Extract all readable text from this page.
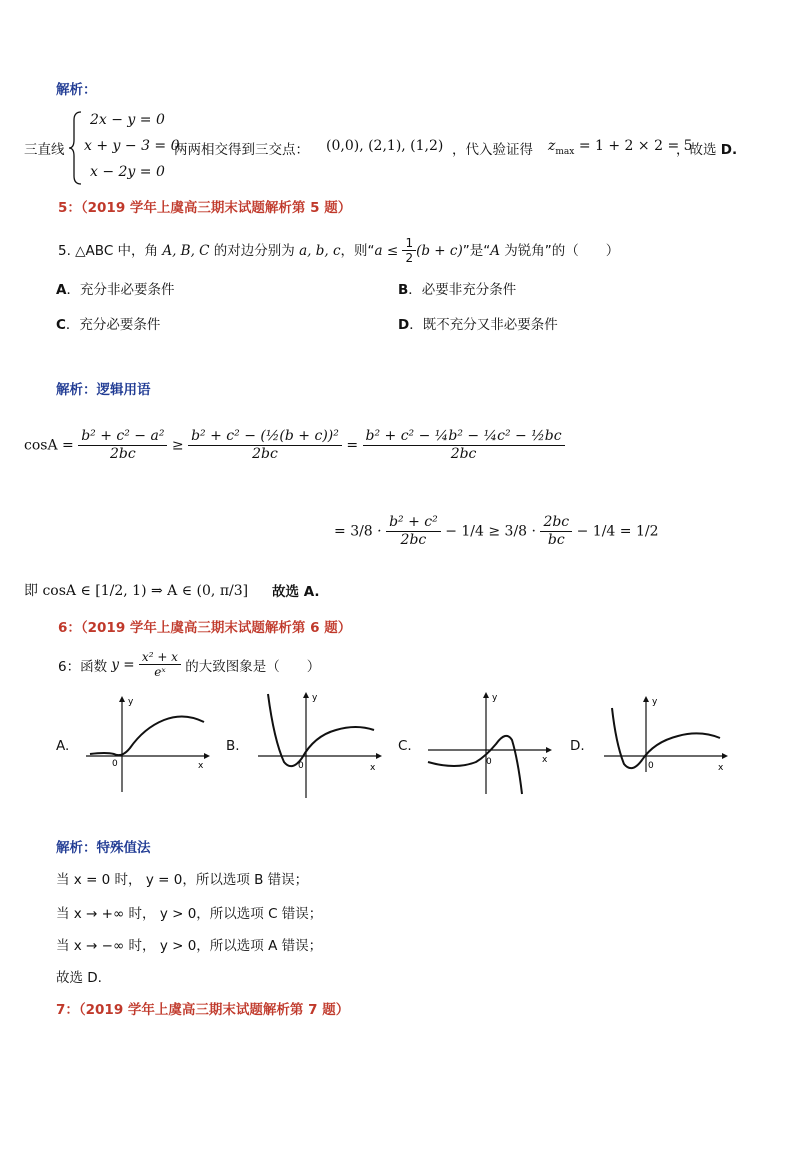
解析：
三直线
2x − y = 0
x + y − 3 = 0
x − 2y = 0
两两相交得到三交点： (0,0), (2,1), (1,2) ，代入验证得 $z_{max} = 1 + 2 \times 2 = 5$
，故选 D.
5：（2019 学年上虞高三期末试题解析第 5 题）
5. △ABC 中，角 A, B, C 的对边分别为 a, b, c，则“$a \le \frac{1}{2} (b + c)$”是“A 为锐角”的（　　）
A．充分非必要条件	B．必要非充分条件
C．充分必要条件	D．既不充分又非必要条件
解析：逻辑用语
$\cos A = \frac{\text{b² + c² − a²}}{2bc} \ge \frac{\text{b² + c² − (½(b + c))²}}{2bc} = \frac{\text{b² + c² − ¼b² − ¼c² − ½bc}}{2bc}$
= $3/8 \cdot \frac{\text{b² + c²}}{2bc} - 1/4 \ge 3/8 \cdot \frac{2bc}{bc} - 1/4 = 1/2$
即 cosA ∈ [1/2, 1) ⇒ A ∈ (0, π/3] 故选 A.
6：（2019 学年上虞高三期末试题解析第 6 题）
6：函数 $y = \frac{\text{x² + x}}{\text{eˣ}}$ 的大致图象是（　　）
A.	B.	C.	D.
y
x
0
y
x
0
y
x
0
y
x
0
解析：特殊值法
当 x = 0 时， y = 0，所以选项 B 错误；
当 x → +∞ 时， y > 0，所以选项 C 错误；
当 x → −∞ 时， y > 0，所以选项 A 错误；
故选 D.
7：（2019 学年上虞高三期末试题解析第 7 题）
